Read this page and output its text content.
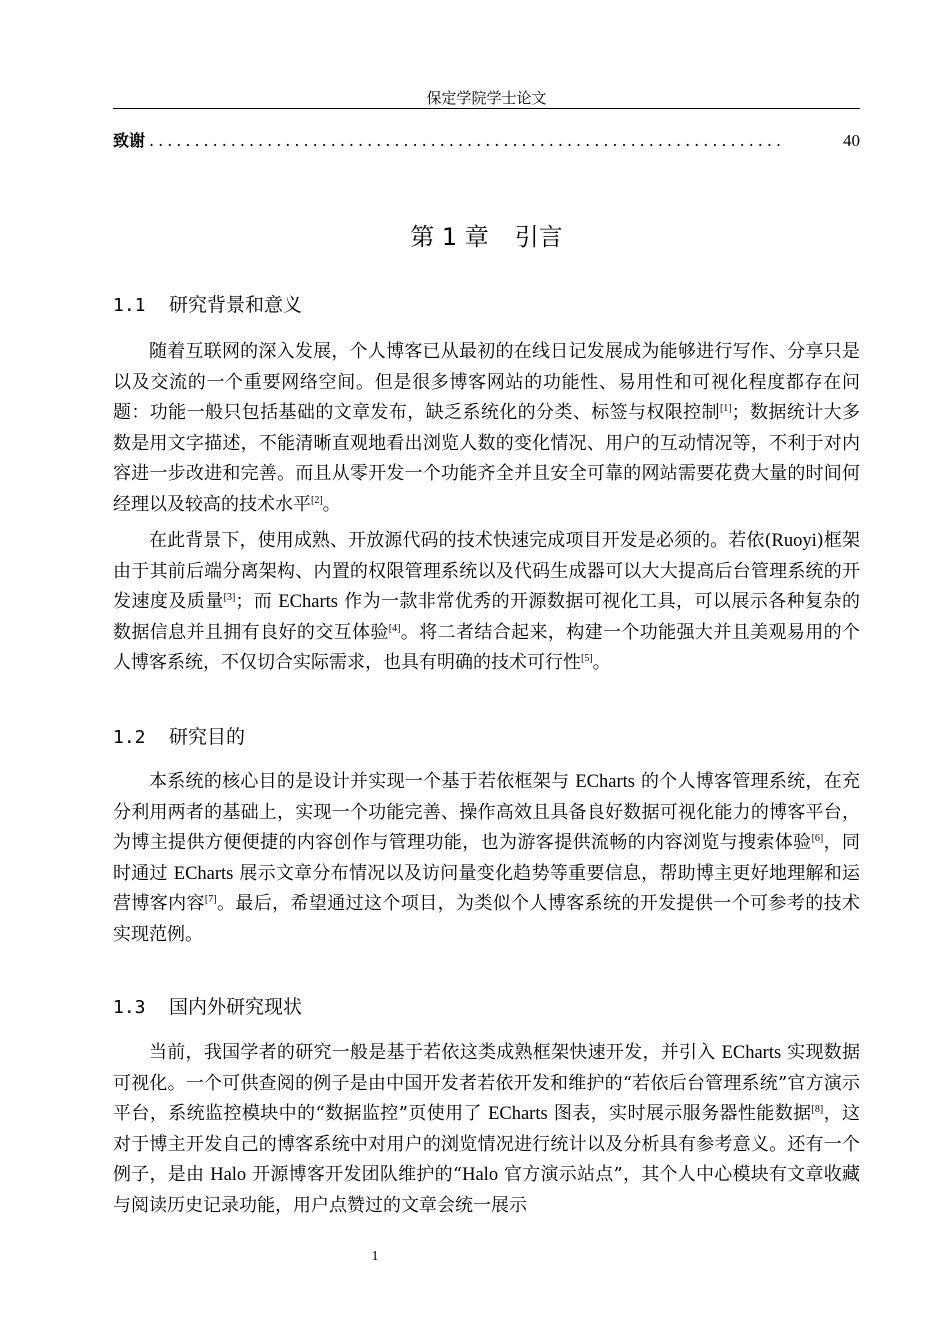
保定学院学士论文
致谢 ......................................................................	40
第 1 章 引言
1.1 研究背景和意义

随着互联网的深入发展，个人博客已从最初的在线日记发展成为能够进行写作、分享只是以及交流的一个重要网络空间。但是很多博客网站的功能性、易用性和可视化程度都存在问题：功能一般只包括基础的文章发布，缺乏系统化的分类、标签与权限控制[1]；数据统计大多数是用文字描述，不能清晰直观地看出浏览人数的变化情况、用户的互动情况等，不利于对内容进一步改进和完善。而且从零开发一个功能齐全并且安全可靠的网站需要花费大量的时间何经理以及较高的技术水平[2]。

在此背景下，使用成熟、开放源代码的技术快速完成项目开发是必须的。若依(Ruoyi)框架由于其前后端分离架构、内置的权限管理系统以及代码生成器可以大大提高后台管理系统的开发速度及质量[3]；而 ECharts 作为一款非常优秀的开源数据可视化工具，可以展示各种复杂的数据信息并且拥有良好的交互体验[4]。将二者结合起来，构建一个功能强大并且美观易用的个人博客系统，不仅切合实际需求，也具有明确的技术可行性[5]。

1.2 研究目的

本系统的核心目的是设计并实现一个基于若依框架与 ECharts 的个人博客管理系统，在充分利用两者的基础上，实现一个功能完善、操作高效且具备良好数据可视化能力的博客平台，为博主提供方便便捷的内容创作与管理功能，也为游客提供流畅的内容浏览与搜索体验[6]，同时通过 ECharts 展示文章分布情况以及访问量变化趋势等重要信息，帮助博主更好地理解和运营博客内容[7]。最后，希望通过这个项目，为类似个人博客系统的开发提供一个可参考的技术实现范例。

1.3 国内外研究现状

当前，我国学者的研究一般是基于若依这类成熟框架快速开发，并引入 ECharts 实现数据可视化。一个可供查阅的例子是由中国开发者若依开发和维护的“若依后台管理系统”官方演示平台，系统监控模块中的“数据监控”页使用了 ECharts 图表，实时展示服务器性能数据[8]，这对于博主开发自己的博客系统中对用户的浏览情况进行统计以及分析具有参考意义。还有一个例子，是由 Halo 开源博客开发团队维护的“Halo 官方演示站点”，其个人中心模块有文章收藏与阅读历史记录功能，用户点赞过的文章会统一展示

1
